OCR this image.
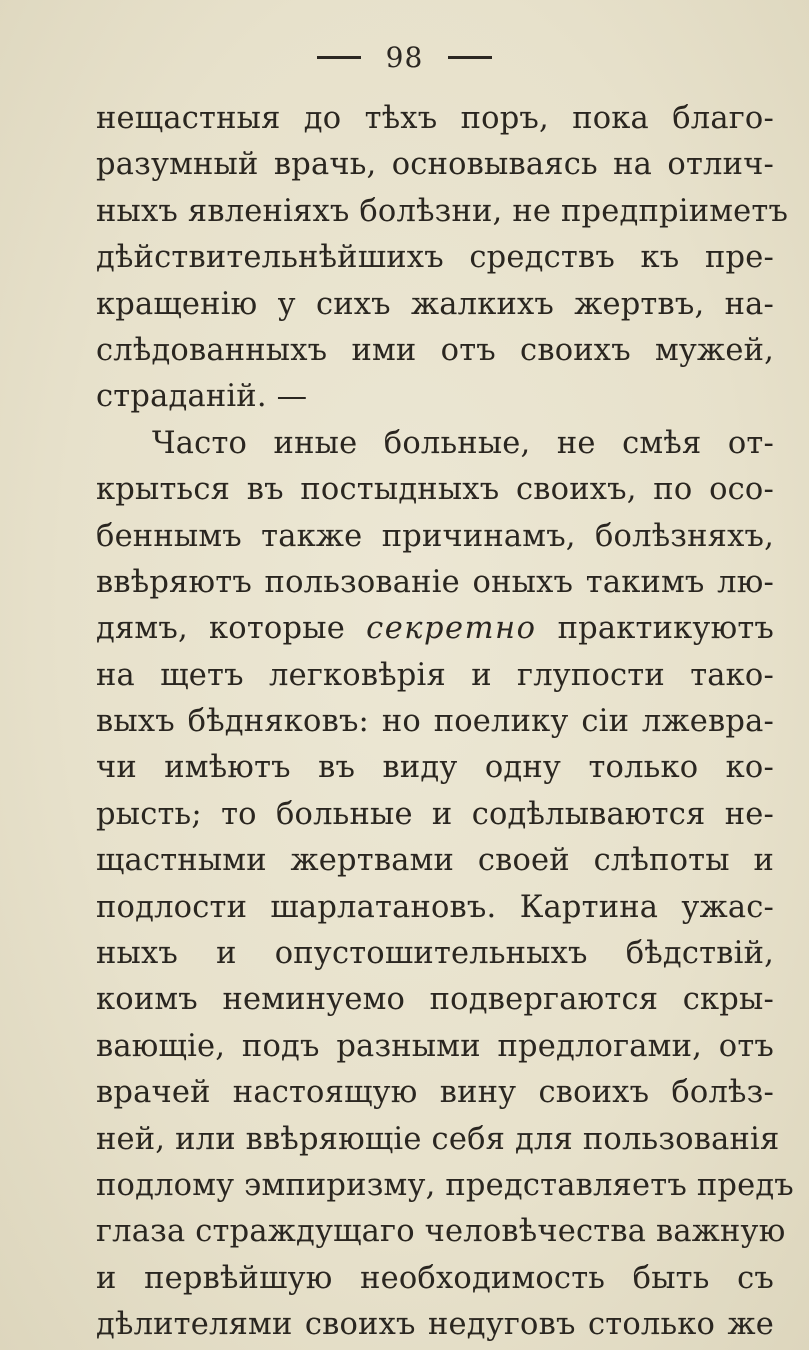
98
нещастныя до тѣхъ поръ, пока благо-
разумный врачь, основываясь на отлич-
ныхъ явленіяхъ болѣзни, не предпріиметъ
дѣйствительнѣйшихъ средствъ къ пре-
кращенію у сихъ жалкихъ жертвъ, на-
слѣдованныхъ ими отъ своихъ мужей,
страданій. —
Часто иные больные, не смѣя от-
крыться въ постыдныхъ своихъ, по осо-
беннымъ также причинамъ, болѣзняхъ,
ввѣряютъ пользованіе оныхъ такимъ лю-
дямъ, которые секретно практикуютъ
на щетъ легковѣрія и глупости тако-
выхъ бѣдняковъ: но поелику сіи лжевра-
чи имѣютъ въ виду одну только ко-
рысть; то больные и содѣлываются не-
щастными жертвами своей слѣпоты и
подлости шарлатановъ. Картина ужас-
ныхъ и опустошительныхъ бѣдствій,
коимъ неминуемо подвергаются скры-
вающіе, подъ разными предлогами, отъ
врачей настоящую вину своихъ болѣз-
ней, или ввѣряющіе себя для пользованія
подлому эмпиризму, представляетъ предъ
глаза страждущаго человѣчества важную
и первѣйшую необходимость быть съ
дѣлителями своихъ недуговъ столько же
